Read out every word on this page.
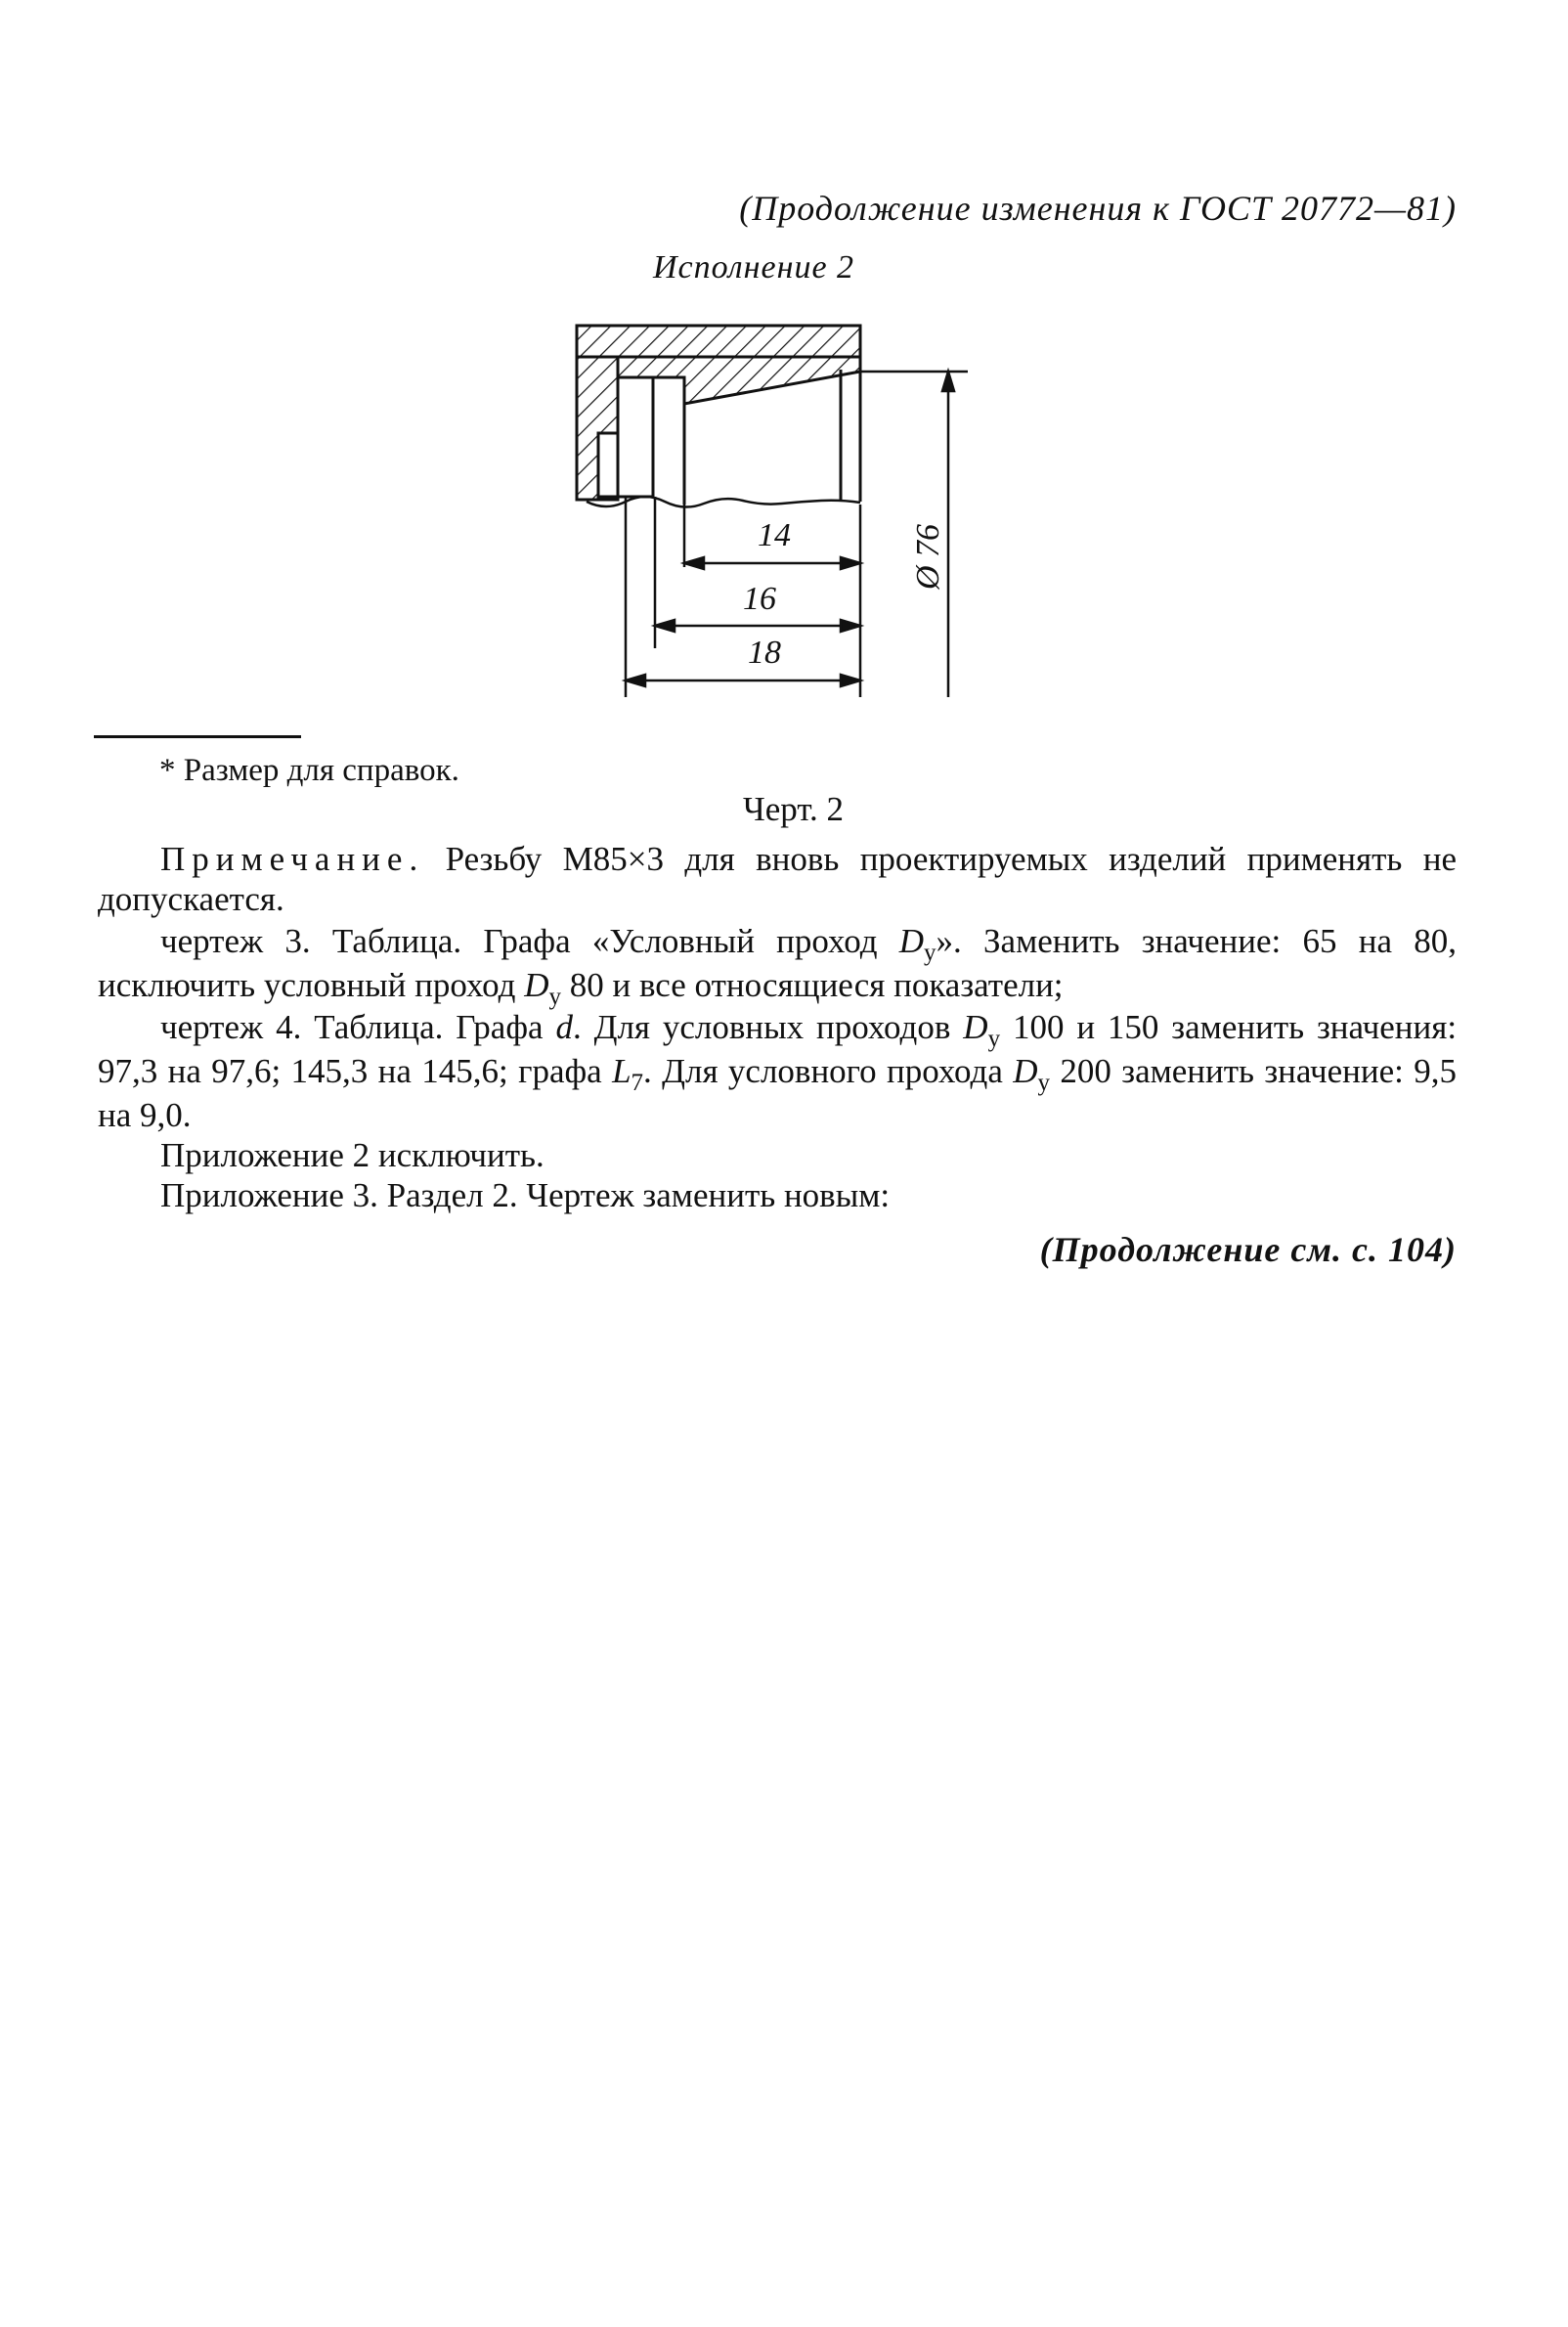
(Продолжение изменения к ГОСТ 20772—81)
Исполнение 2
14
16
18
Ø 76
* Размер для справок.
Черт. 2
Примечание. Резьбу М85×3 для вновь проектируемых изделий применять не допускается.
чертеж 3. Таблица. Графа «Условный проход $D_у$». Заменить значение: 65 на 80, исключить условный проход $D_у$ 80 и все относящиеся показатели;
чертеж 4. Таблица. Графа d. Для условных проходов $D_у$ 100 и 150 заменить значения: 97,3 на 97,6; 145,3 на 145,6; графа $L_7$. Для условного прохода $D_у$ 200 заменить значение: 9,5 на 9,0.
Приложение 2 исключить.
Приложение 3. Раздел 2. Чертеж заменить новым:
(Продолжение см. с. 104)
